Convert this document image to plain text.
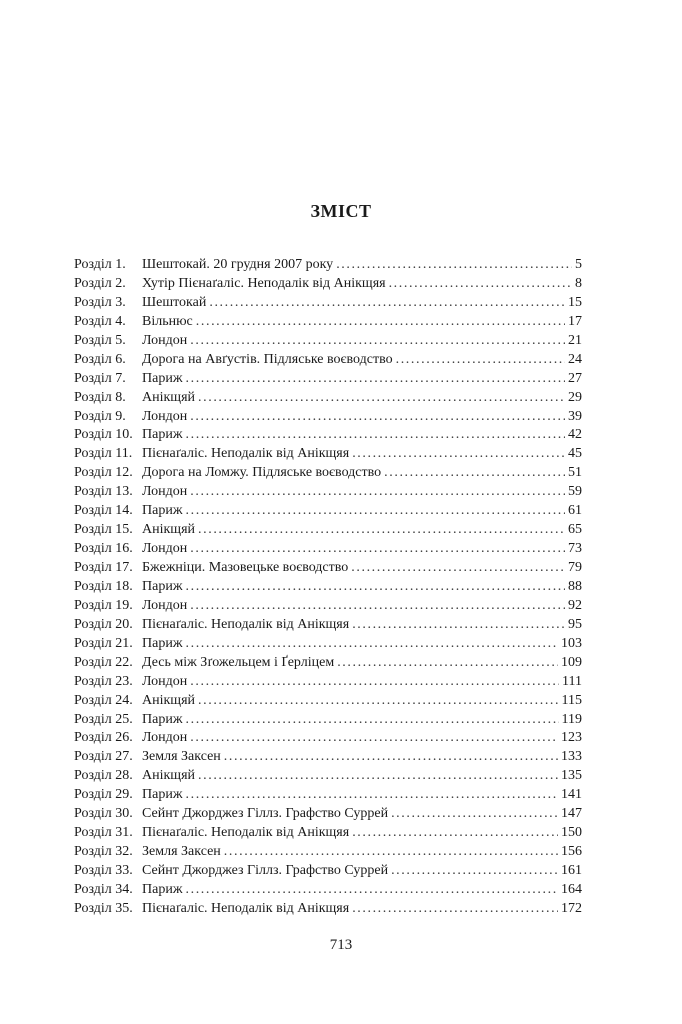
ЗМІСТ
Розділ 1.	Шештокай. 20 грудня 2007 року .....	5
Розділ 2.	Хутір Пієнаґаліс. Неподалік від Анікщяя .....	8
Розділ 3.	Шештокай .....	15
Розділ 4.	Вільнюс .....	17
Розділ 5.	Лондон .....	21
Розділ 6.	Дорога на Авґустів. Підляське воєводство .....	24
Розділ 7.	Париж .....	27
Розділ 8.	Анікщяй .....	29
Розділ 9.	Лондон .....	39
Розділ 10. Париж .....	42
Розділ 11. Пієнаґаліс. Неподалік від Анікщяя .....	45
Розділ 12. Дорога на Ломжу. Підляське воєводство .....	51
Розділ 13. Лондон .....	59
Розділ 14. Париж .....	61
Розділ 15. Анікщяй .....	65
Розділ 16. Лондон .....	73
Розділ 17. Бжежніци. Мазовецьке воєводство .....	79
Розділ 18. Париж .....	88
Розділ 19. Лондон .....	92
Розділ 20. Пієнаґаліс. Неподалік від Анікщяя .....	95
Розділ 21. Париж .....	103
Розділ 22. Десь між Зґожельцем і Ґерліцем .....	109
Розділ 23. Лондон .....	111
Розділ 24. Анікщяй .....	115
Розділ 25. Париж .....	119
Розділ 26. Лондон .....	123
Розділ 27. Земля Заксен .....	133
Розділ 28. Анікщяй .....	135
Розділ 29. Париж .....	141
Розділ 30. Сейнт Джорджез Гіллз. Графство Суррей .....	147
Розділ 31. Пієнаґаліс. Неподалік від Анікщяя .....	150
Розділ 32. Земля Заксен .....	156
Розділ 33. Сейнт Джорджез Гіллз. Графство Суррей .....	161
Розділ 34. Париж .....	164
Розділ 35. Пієнаґаліс. Неподалік від Анікщяя .....	172
713
